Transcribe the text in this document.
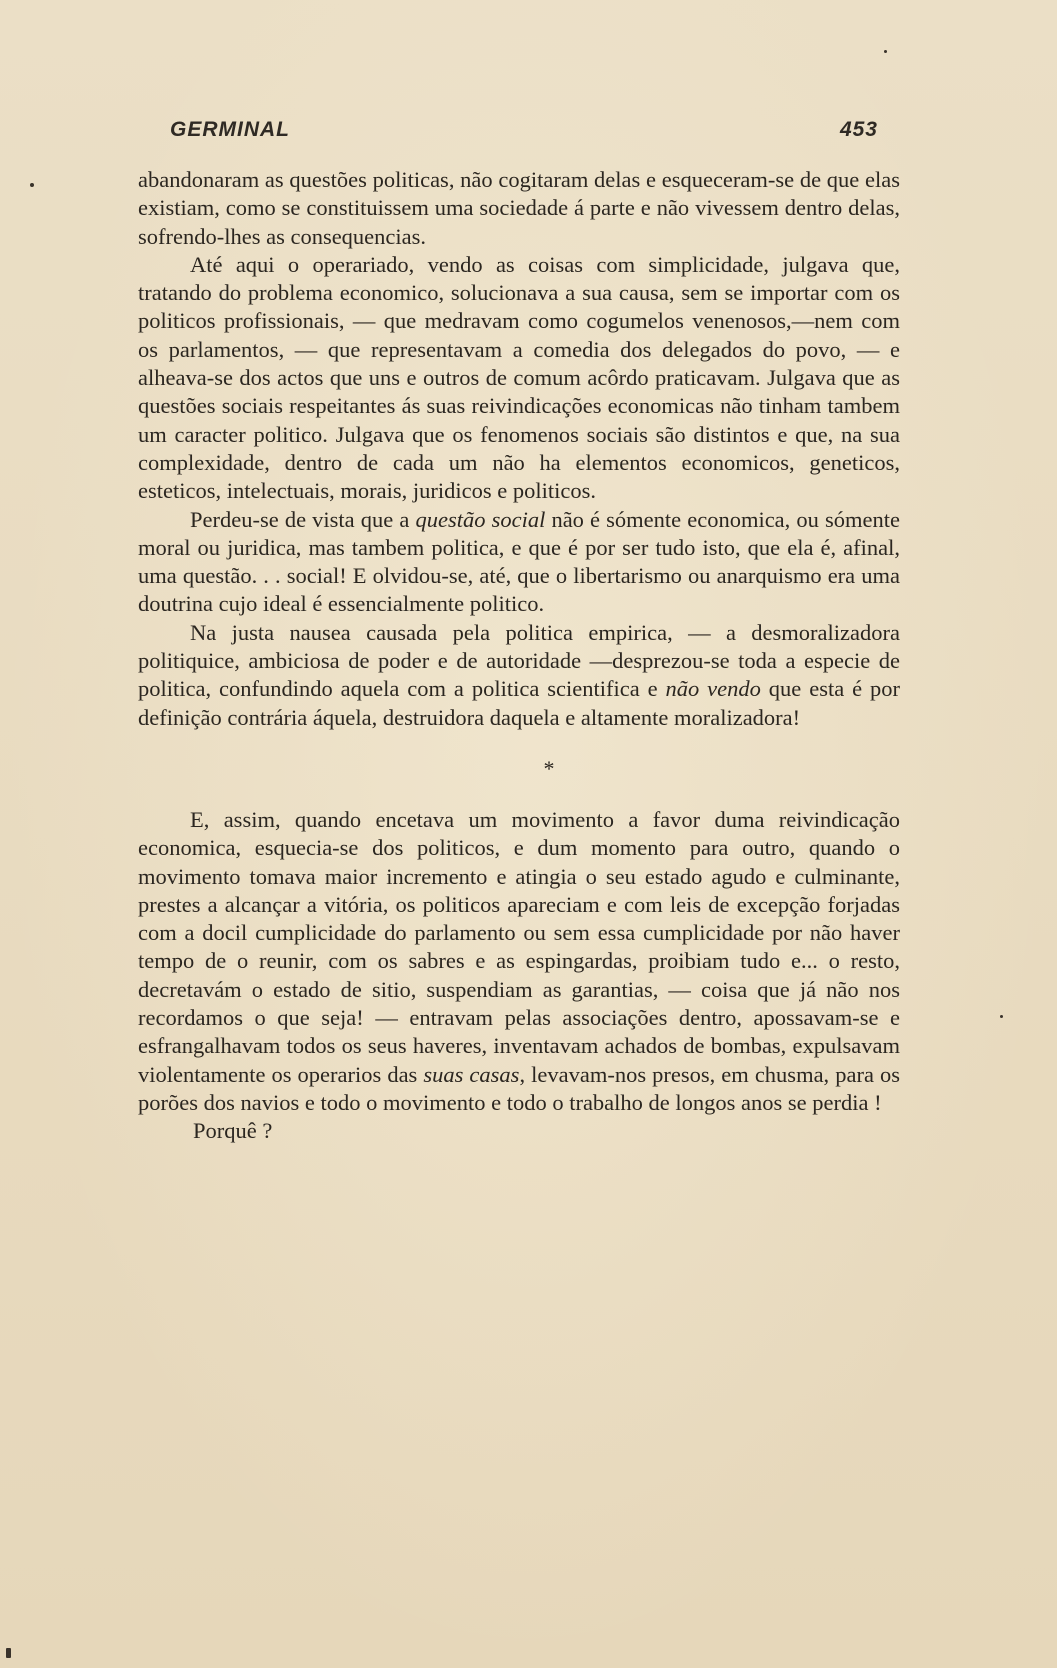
GERMINAL	453

abandonaram as questões politicas, não cogitaram delas e esqueceram-se de que elas existiam, como se constituissem uma sociedade á parte e não vivessem dentro delas, sofrendo-lhes as consequencias.

Até aqui o operariado, vendo as coisas com simplicidade, julgava que, tratando do problema economico, solucionava a sua causa, sem se importar com os politicos profissionais, — que medravam como cogumelos venenosos,—nem com os parlamentos, — que representavam a comedia dos delegados do povo, — e alheava-se dos actos que uns e outros de comum acôrdo praticavam. Julgava que as questões sociais respeitantes ás suas reivindicações economicas não tinham tambem um caracter politico. Julgava que os fenomenos sociais são distintos e que, na sua complexidade, dentro de cada um não ha elementos economicos, geneticos, esteticos, intelectuais, morais, juridicos e politicos.

Perdeu-se de vista que a questão social não é sómente economica, ou sómente moral ou juridica, mas tambem politica, e que é por ser tudo isto, que ela é, afinal, uma questão. . . social! E olvidou-se, até, que o libertarismo ou anarquismo era uma doutrina cujo ideal é essencialmente politico.

Na justa nausea causada pela politica empirica, — a desmoralizadora politiquice, ambiciosa de poder e de autoridade —desprezou-se toda a especie de politica, confundindo aquela com a politica scientifica e não vendo que esta é por definição contrária áquela, destruidora daquela e altamente moralizadora!

*

E, assim, quando encetava um movimento a favor duma reivindicação economica, esquecia-se dos politicos, e dum momento para outro, quando o movimento tomava maior incremento e atingia o seu estado agudo e culminante, prestes a alcançar a vitória, os politicos apareciam e com leis de excepção forjadas com a docil cumplicidade do parlamento ou sem essa cumplicidade por não haver tempo de o reunir, com os sabres e as espingardas, proibiam tudo e... o resto, decretavám o estado de sitio, suspendiam as garantias, — coisa que já não nos recordamos o que seja! — entravam pelas associações dentro, apossavam-se e esfrangalhavam todos os seus haveres, inventavam achados de bombas, expulsavam violentamente os operarios das suas casas, levavam-nos presos, em chusma, para os porões dos navios e todo o movimento e todo o trabalho de longos anos se perdia !

Porquê ?
